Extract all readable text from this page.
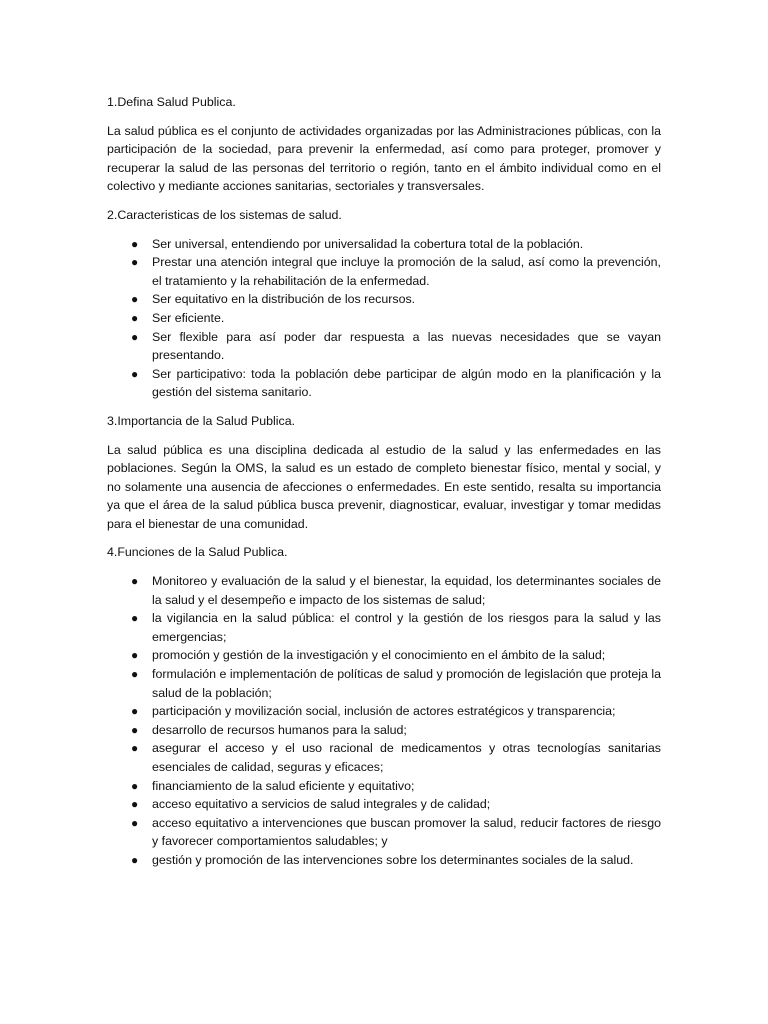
1.Defina Salud Publica.

La salud pública es el conjunto de actividades organizadas por las Administraciones públicas, con la participación de la sociedad, para prevenir la enfermedad, así como para proteger, promover y recuperar la salud de las personas del territorio o región, tanto en el ámbito individual como en el colectivo y mediante acciones sanitarias, sectoriales y transversales.

2.Caracteristicas de los sistemas de salud.

● Ser universal, entendiendo por universalidad la cobertura total de la población.
● Prestar una atención integral que incluye la promoción de la salud, así como la prevención, el tratamiento y la rehabilitación de la enfermedad.
● Ser equitativo en la distribución de los recursos.
● Ser eficiente.
● Ser flexible para así poder dar respuesta a las nuevas necesidades que se vayan presentando.
● Ser participativo: toda la población debe participar de algún modo en la planificación y la gestión del sistema sanitario.

3.Importancia de la Salud Publica.

La salud pública es una disciplina dedicada al estudio de la salud y las enfermedades en las poblaciones. Según la OMS, la salud es un estado de completo bienestar físico, mental y social, y no solamente una ausencia de afecciones o enfermedades. En este sentido, resalta su importancia ya que el área de la salud pública busca prevenir, diagnosticar, evaluar, investigar y tomar medidas para el bienestar de una comunidad.

4.Funciones de la Salud Publica.

● Monitoreo y evaluación de la salud y el bienestar, la equidad, los determinantes sociales de la salud y el desempeño e impacto de los sistemas de salud;
● la vigilancia en la salud pública: el control y la gestión de los riesgos para la salud y las emergencias;
● promoción y gestión de la investigación y el conocimiento en el ámbito de la salud;
● formulación e implementación de políticas de salud y promoción de legislación que proteja la salud de la población;
● participación y movilización social, inclusión de actores estratégicos y transparencia;
● desarrollo de recursos humanos para la salud;
● asegurar el acceso y el uso racional de medicamentos y otras tecnologías sanitarias esenciales de calidad, seguras y eficaces;
● financiamiento de la salud eficiente y equitativo;
● acceso equitativo a servicios de salud integrales y de calidad;
● acceso equitativo a intervenciones que buscan promover la salud, reducir factores de riesgo y favorecer comportamientos saludables; y
● gestión y promoción de las intervenciones sobre los determinantes sociales de la salud.
